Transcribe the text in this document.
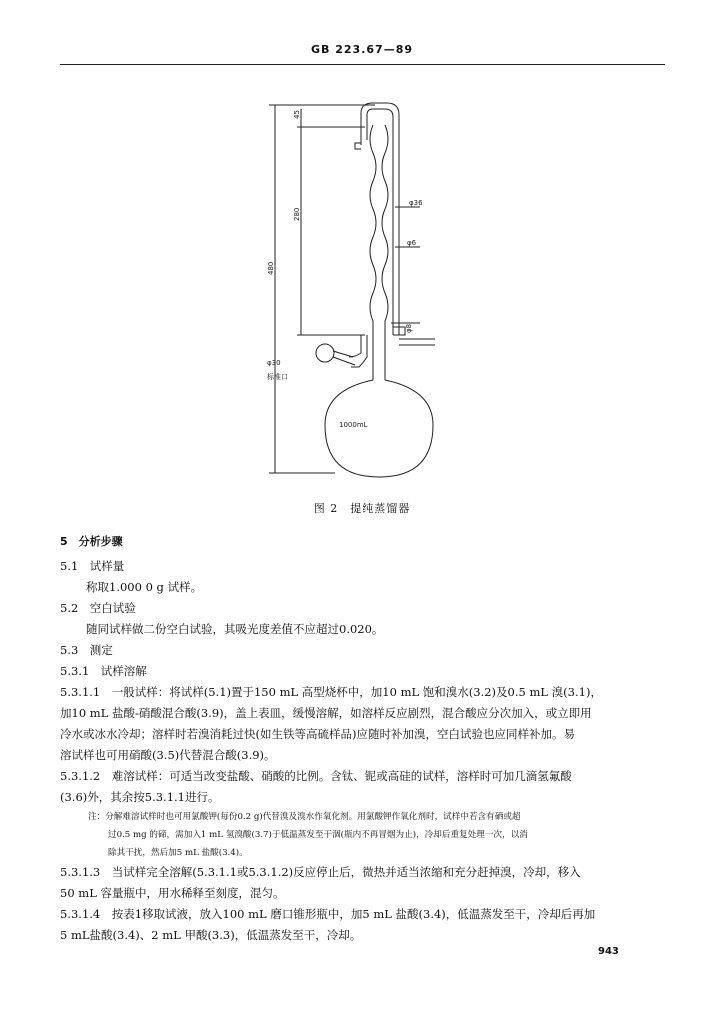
GB 223.67—89
45
280
480
φ36
φ6
φ8
φ30
标准口
1000mL
图 2　提纯蒸馏器
5　分析步骤
5.1　试样量
称取1.000 0 g 试样。
5.2　空白试验
随同试样做二份空白试验，其吸光度差值不应超过0.020。
5.3　测定
5.3.1　试样溶解
5.3.1.1　一般试样：将试样(5.1)置于150 mL 高型烧杯中，加10 mL 饱和溴水(3.2)及0.5 mL 溴(3.1)，
加10 mL 盐酸-硝酸混合酸(3.9)，盖上表皿，缓慢溶解，如溶样反应剧烈，混合酸应分次加入，或立即用
冷水或冰水冷却；溶样时若溴消耗过快(如生铁等高硫样品)应随时补加溴，空白试验也应同样补加。易
溶试样也可用硝酸(3.5)代替混合酸(3.9)。
5.3.1.2　难溶试样：可适当改变盐酸、硝酸的比例。含钛、铌或高硅的试样，溶样时可加几滴氢氟酸
(3.6)外，其余按5.3.1.1进行。
注：分解难溶试样时也可用氯酸钾(每份0.2 g)代替溴及溴水作氧化剂。用氯酸钾作氧化剂时，试样中若含有硒或超
过0.5 mg 的碲，需加入1 mL 氢溴酸(3.7)于低温蒸发至干涸(瓶内不再冒烟为止)，冷却后重复处理一次，以消
除其干扰，然后加5 mL 盐酸(3.4)。
5.3.1.3　当试样完全溶解(5.3.1.1或5.3.1.2)反应停止后，微热并适当浓缩和充分赶掉溴，冷却，移入
50 mL 容量瓶中，用水稀释至刻度，混匀。
5.3.1.4　按表1移取试液，放入100 mL 磨口锥形瓶中，加5 mL 盐酸(3.4)，低温蒸发至干，冷却后再加
5 mL盐酸(3.4)、2 mL 甲酸(3.3)，低温蒸发至干，冷却。
943
